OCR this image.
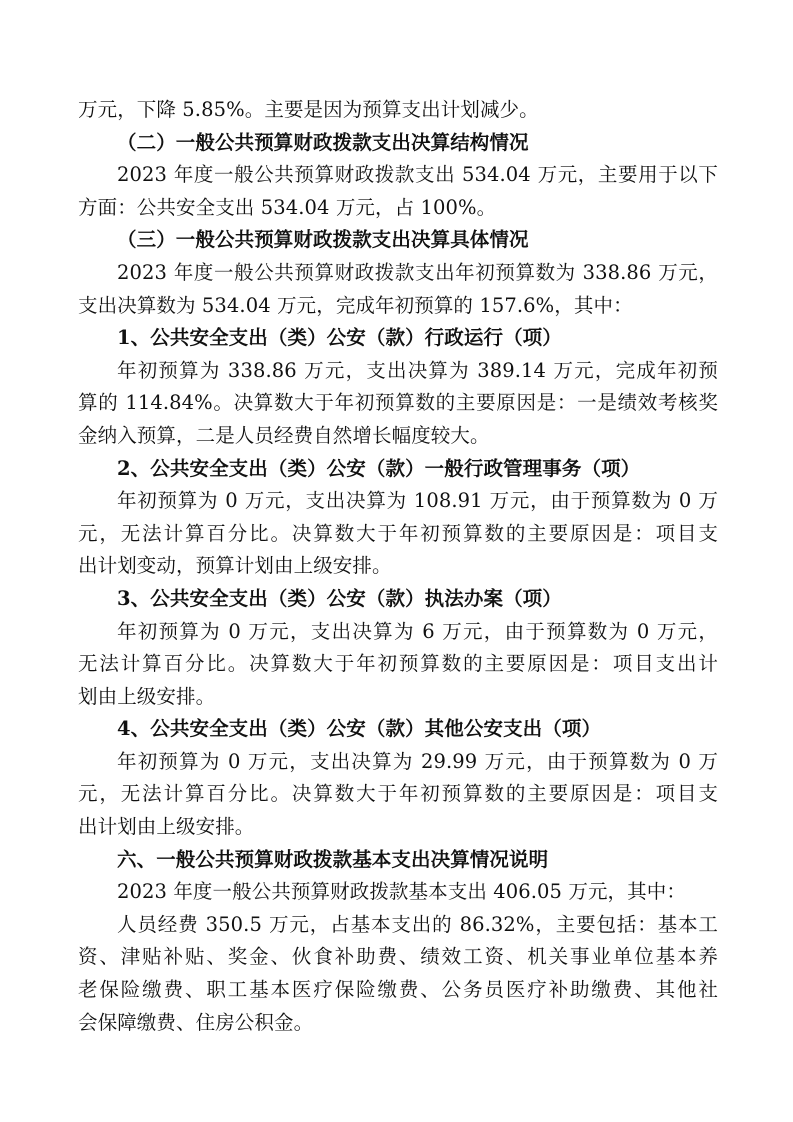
万元，下降 5.85%。主要是因为预算支出计划减少。
（二）一般公共预算财政拨款支出决算结构情况
2023 年度一般公共预算财政拨款支出 534.04 万元，主要用于以下
方面：公共安全支出 534.04 万元，占 100%。
（三）一般公共预算财政拨款支出决算具体情况
2023 年度一般公共预算财政拨款支出年初预算数为 338.86 万元，
支出决算数为 534.04 万元，完成年初预算的 157.6%，其中：
1、公共安全支出（类）公安（款）行政运行（项）
年初预算为 338.86 万元，支出决算为 389.14 万元，完成年初预
算的 114.84%。决算数大于年初预算数的主要原因是：一是绩效考核奖
金纳入预算，二是人员经费自然增长幅度较大。
2、公共安全支出（类）公安（款）一般行政管理事务（项）
年初预算为 0 万元，支出决算为 108.91 万元，由于预算数为 0 万
元，无法计算百分比。决算数大于年初预算数的主要原因是：项目支
出计划变动，预算计划由上级安排。
3、公共安全支出（类）公安（款）执法办案（项）
年初预算为 0 万元，支出决算为 6 万元，由于预算数为 0 万元，
无法计算百分比。决算数大于年初预算数的主要原因是：项目支出计
划由上级安排。
4、公共安全支出（类）公安（款）其他公安支出（项）
年初预算为 0 万元，支出决算为 29.99 万元，由于预算数为 0 万
元，无法计算百分比。决算数大于年初预算数的主要原因是：项目支
出计划由上级安排。
六、一般公共预算财政拨款基本支出决算情况说明
2023 年度一般公共预算财政拨款基本支出 406.05 万元，其中：
人员经费 350.5 万元，占基本支出的 86.32%，主要包括：基本工
资、津贴补贴、奖金、伙食补助费、绩效工资、机关事业单位基本养
老保险缴费、职工基本医疗保险缴费、公务员医疗补助缴费、其他社
会保障缴费、住房公积金。
